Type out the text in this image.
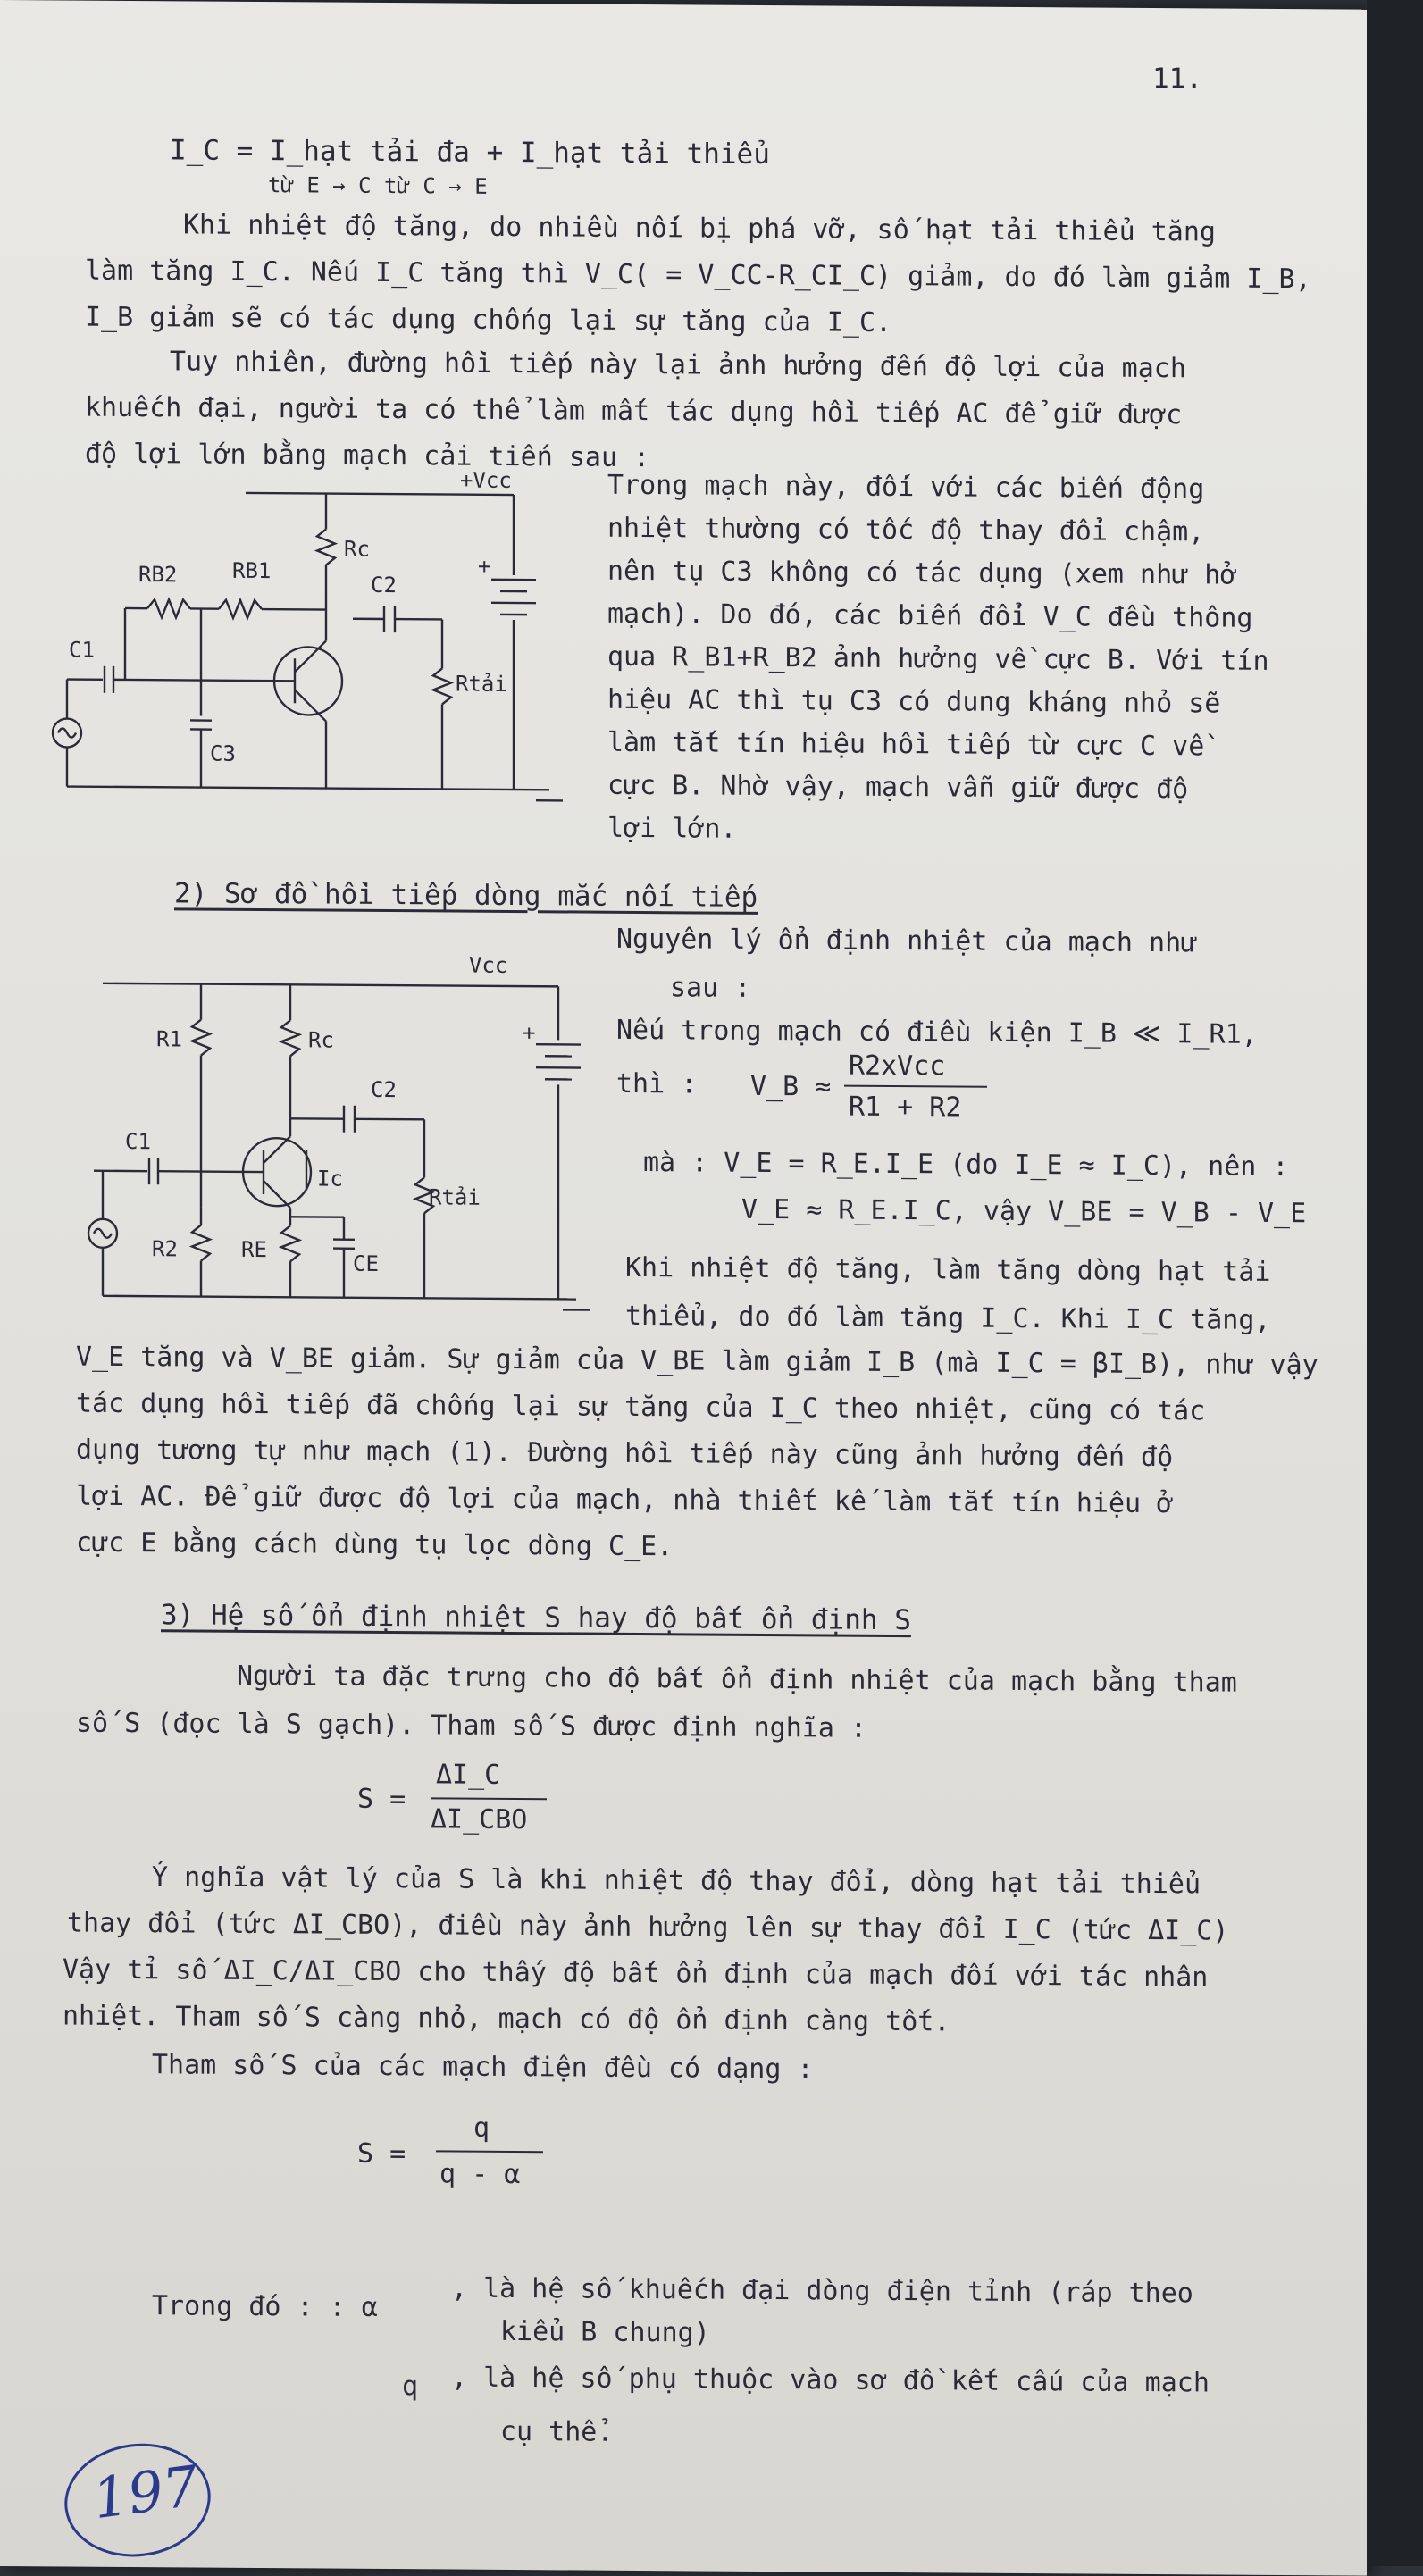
11.
I_C = I_hạt tải đa + I_hạt tải thiểu
từ E → C từ C → E
Khi nhiệt độ tăng, do nhiều nối bị phá vỡ, số hạt tải thiểu tăng
làm tăng I_C. Nếu I_C tăng thì V_C( = V_CC-R_CI_C) giảm, do đó làm giảm I_B,
I_B giảm sẽ có tác dụng chống lại sự tăng của I_C.
Tuy nhiên, đường hồi tiếp này lại ảnh hưởng đến độ lợi của mạch
khuếch đại, người ta có thể làm mất tác dụng hồi tiếp AC để giữ được
độ lợi lớn bằng mạch cải tiến sau :
+Vcc
+
Rc
RB2	RB1
C2
Rtải
C1
C3
Trong mạch này, đối với các biến động
nhiệt thường có tốc độ thay đổi chậm,
nên tụ C3 không có tác dụng (xem như hở
mạch). Do đó, các biến đổi V_C đều thông
qua R_B1+R_B2 ảnh hưởng về cực B. Với tín
hiệu AC thì tụ C3 có dung kháng nhỏ sẽ
làm tắt tín hiệu hồi tiếp từ cực C về
cực B. Nhờ vậy, mạch vẫn giữ được độ
lợi lớn.
2) Sơ đồ hồi tiếp dòng mắc nối tiếp
Vcc
+
R1	Rc
C2
Rtải
Ic
C1
R2	RE
CE
Nguyên lý ổn định nhiệt của mạch như
sau :
Nếu trong mạch có điều kiện I_B ≪ I_R1,
thì : V_B ≈
R2xVcc
R1 + R2
mà : V_E = R_E.I_E (do I_E ≈ I_C), nên :
V_E ≈ R_E.I_C, vậy V_BE = V_B - V_E
Khi nhiệt độ tăng, làm tăng dòng hạt tải
thiểu, do đó làm tăng I_C. Khi I_C tăng,
V_E tăng và V_BE giảm. Sự giảm của V_BE làm giảm I_B (mà I_C = βI_B), như vậy
tác dụng hồi tiếp đã chống lại sự tăng của I_C theo nhiệt, cũng có tác
dụng tương tự như mạch (1). Đường hồi tiếp này cũng ảnh hưởng đến độ
lợi AC. Để giữ được độ lợi của mạch, nhà thiết kế làm tắt tín hiệu ở
cực E bằng cách dùng tụ lọc dòng C_E.
3) Hệ số ổn định nhiệt S hay độ bất ổn định S
Người ta đặc trưng cho độ bất ổn định nhiệt của mạch bằng tham
số S (đọc là S gạch). Tham số S được định nghĩa :
S =
ΔI_C
ΔI_CBO
Ý nghĩa vật lý của S là khi nhiệt độ thay đổi, dòng hạt tải thiểu
thay đổi (tức ΔI_CBO), điều này ảnh hưởng lên sự thay đổi I_C (tức ΔI_C)
Vậy tỉ số ΔI_C/ΔI_CBO cho thấy độ bất ổn định của mạch đối với tác nhân
nhiệt. Tham số S càng nhỏ, mạch có độ ổn định càng tốt.
Tham số S của các mạch điện đều có dạng :
S =
q
q - α
Trong đó : : α	, là hệ số khuếch đại dòng điện tỉnh (ráp theo
kiểu B chung)
q , là hệ số phụ thuộc vào sơ đồ kết cấu của mạch
cụ thể.
197
